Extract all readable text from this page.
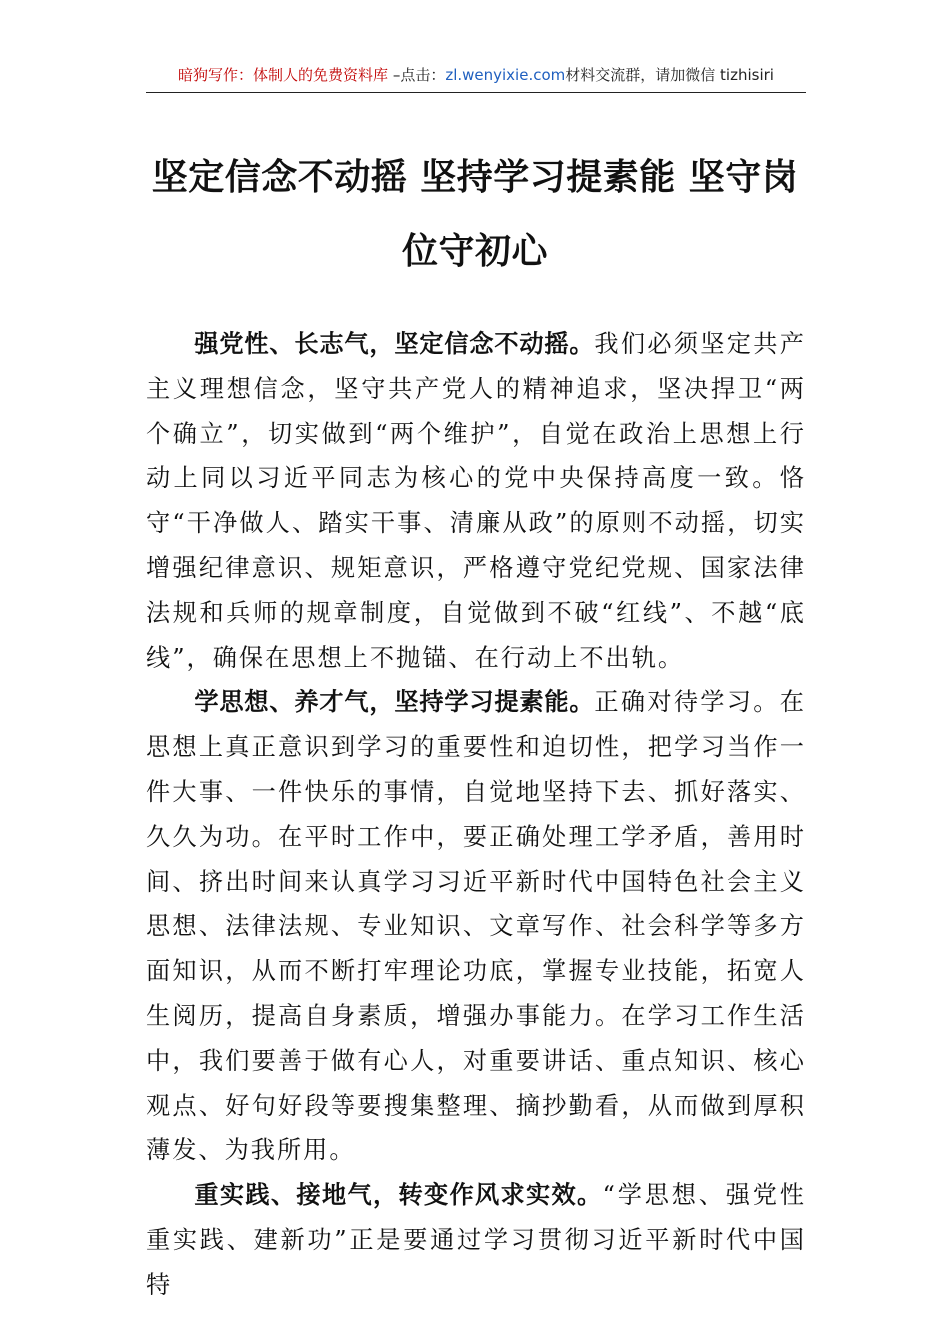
暗狗写作：体制人的免费资料库 –点击：zl.wenyixie.com材料交流群，请加微信 tizhisiri
坚定信念不动摇 坚持学习提素能 坚守岗位守初心

强党性、长志气，坚定信念不动摇。我们必须坚定共产主义理想信念，坚守共产党人的精神追求，坚决捍卫“两个确立”，切实做到“两个维护”，自觉在政治上思想上行动上同以习近平同志为核心的党中央保持高度一致。恪守“干净做人、踏实干事、清廉从政”的原则不动摇，切实增强纪律意识、规矩意识，严格遵守党纪党规、国家法律法规和兵师的规章制度，自觉做到不破“红线”、不越“底线”，确保在思想上不抛锚、在行动上不出轨。

学思想、养才气，坚持学习提素能。正确对待学习。在思想上真正意识到学习的重要性和迫切性，把学习当作一件大事、一件快乐的事情，自觉地坚持下去、抓好落实、久久为功。在平时工作中，要正确处理工学矛盾，善用时间、挤出时间来认真学习习近平新时代中国特色社会主义思想、法律法规、专业知识、文章写作、社会科学等多方面知识，从而不断打牢理论功底，掌握专业技能，拓宽人生阅历，提高自身素质，增强办事能力。在学习工作生活中，我们要善于做有心人，对重要讲话、重点知识、核心观点、好句好段等要搜集整理、摘抄勤看，从而做到厚积薄发、为我所用。

重实践、接地气，转变作风求实效。“学思想、强党性重实践、建新功”正是要通过学习贯彻习近平新时代中国特
